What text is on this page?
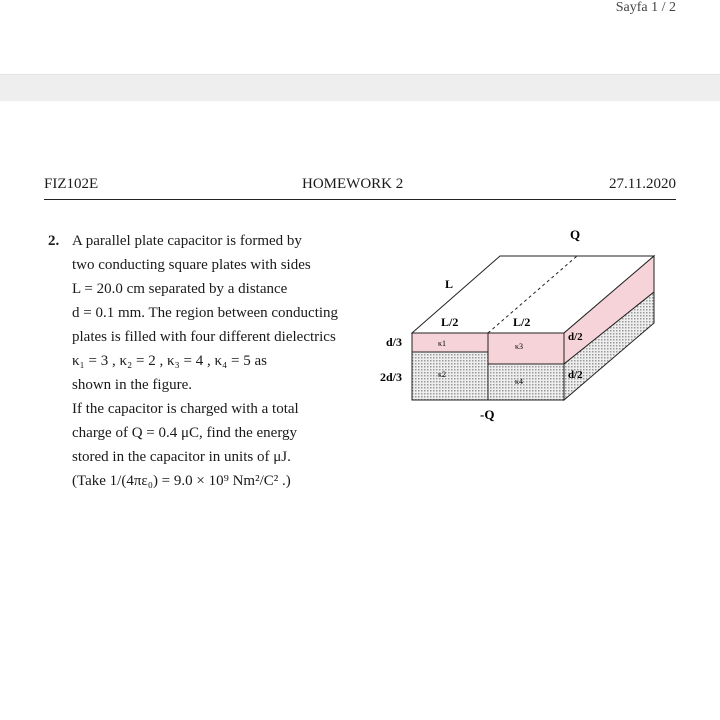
Sayfa 1 / 2
FIZ102E	HOMEWORK 2	27.11.2020
2. A parallel plate capacitor is formed by
two conducting square plates with sides
L = 20.0 cm separated by a distance
d = 0.1 mm. The region between conducting
plates is filled with four different dielectrics
κ₁ = 3 , κ₂ = 2 , κ₃ = 4 , κ₄ = 5 as
shown in the figure.
If the capacitor is charged with a total
charge of Q = 0.4 μC, find the energy
stored in the capacitor in units of μJ.
(Take 1/(4πε₀) = 9.0 × 10⁹ Nm²/C² .)
Q
L
L/2	L/2
d/3
2d/3
d/2
d/2
-Q
κ1
κ2
κ3
κ4
